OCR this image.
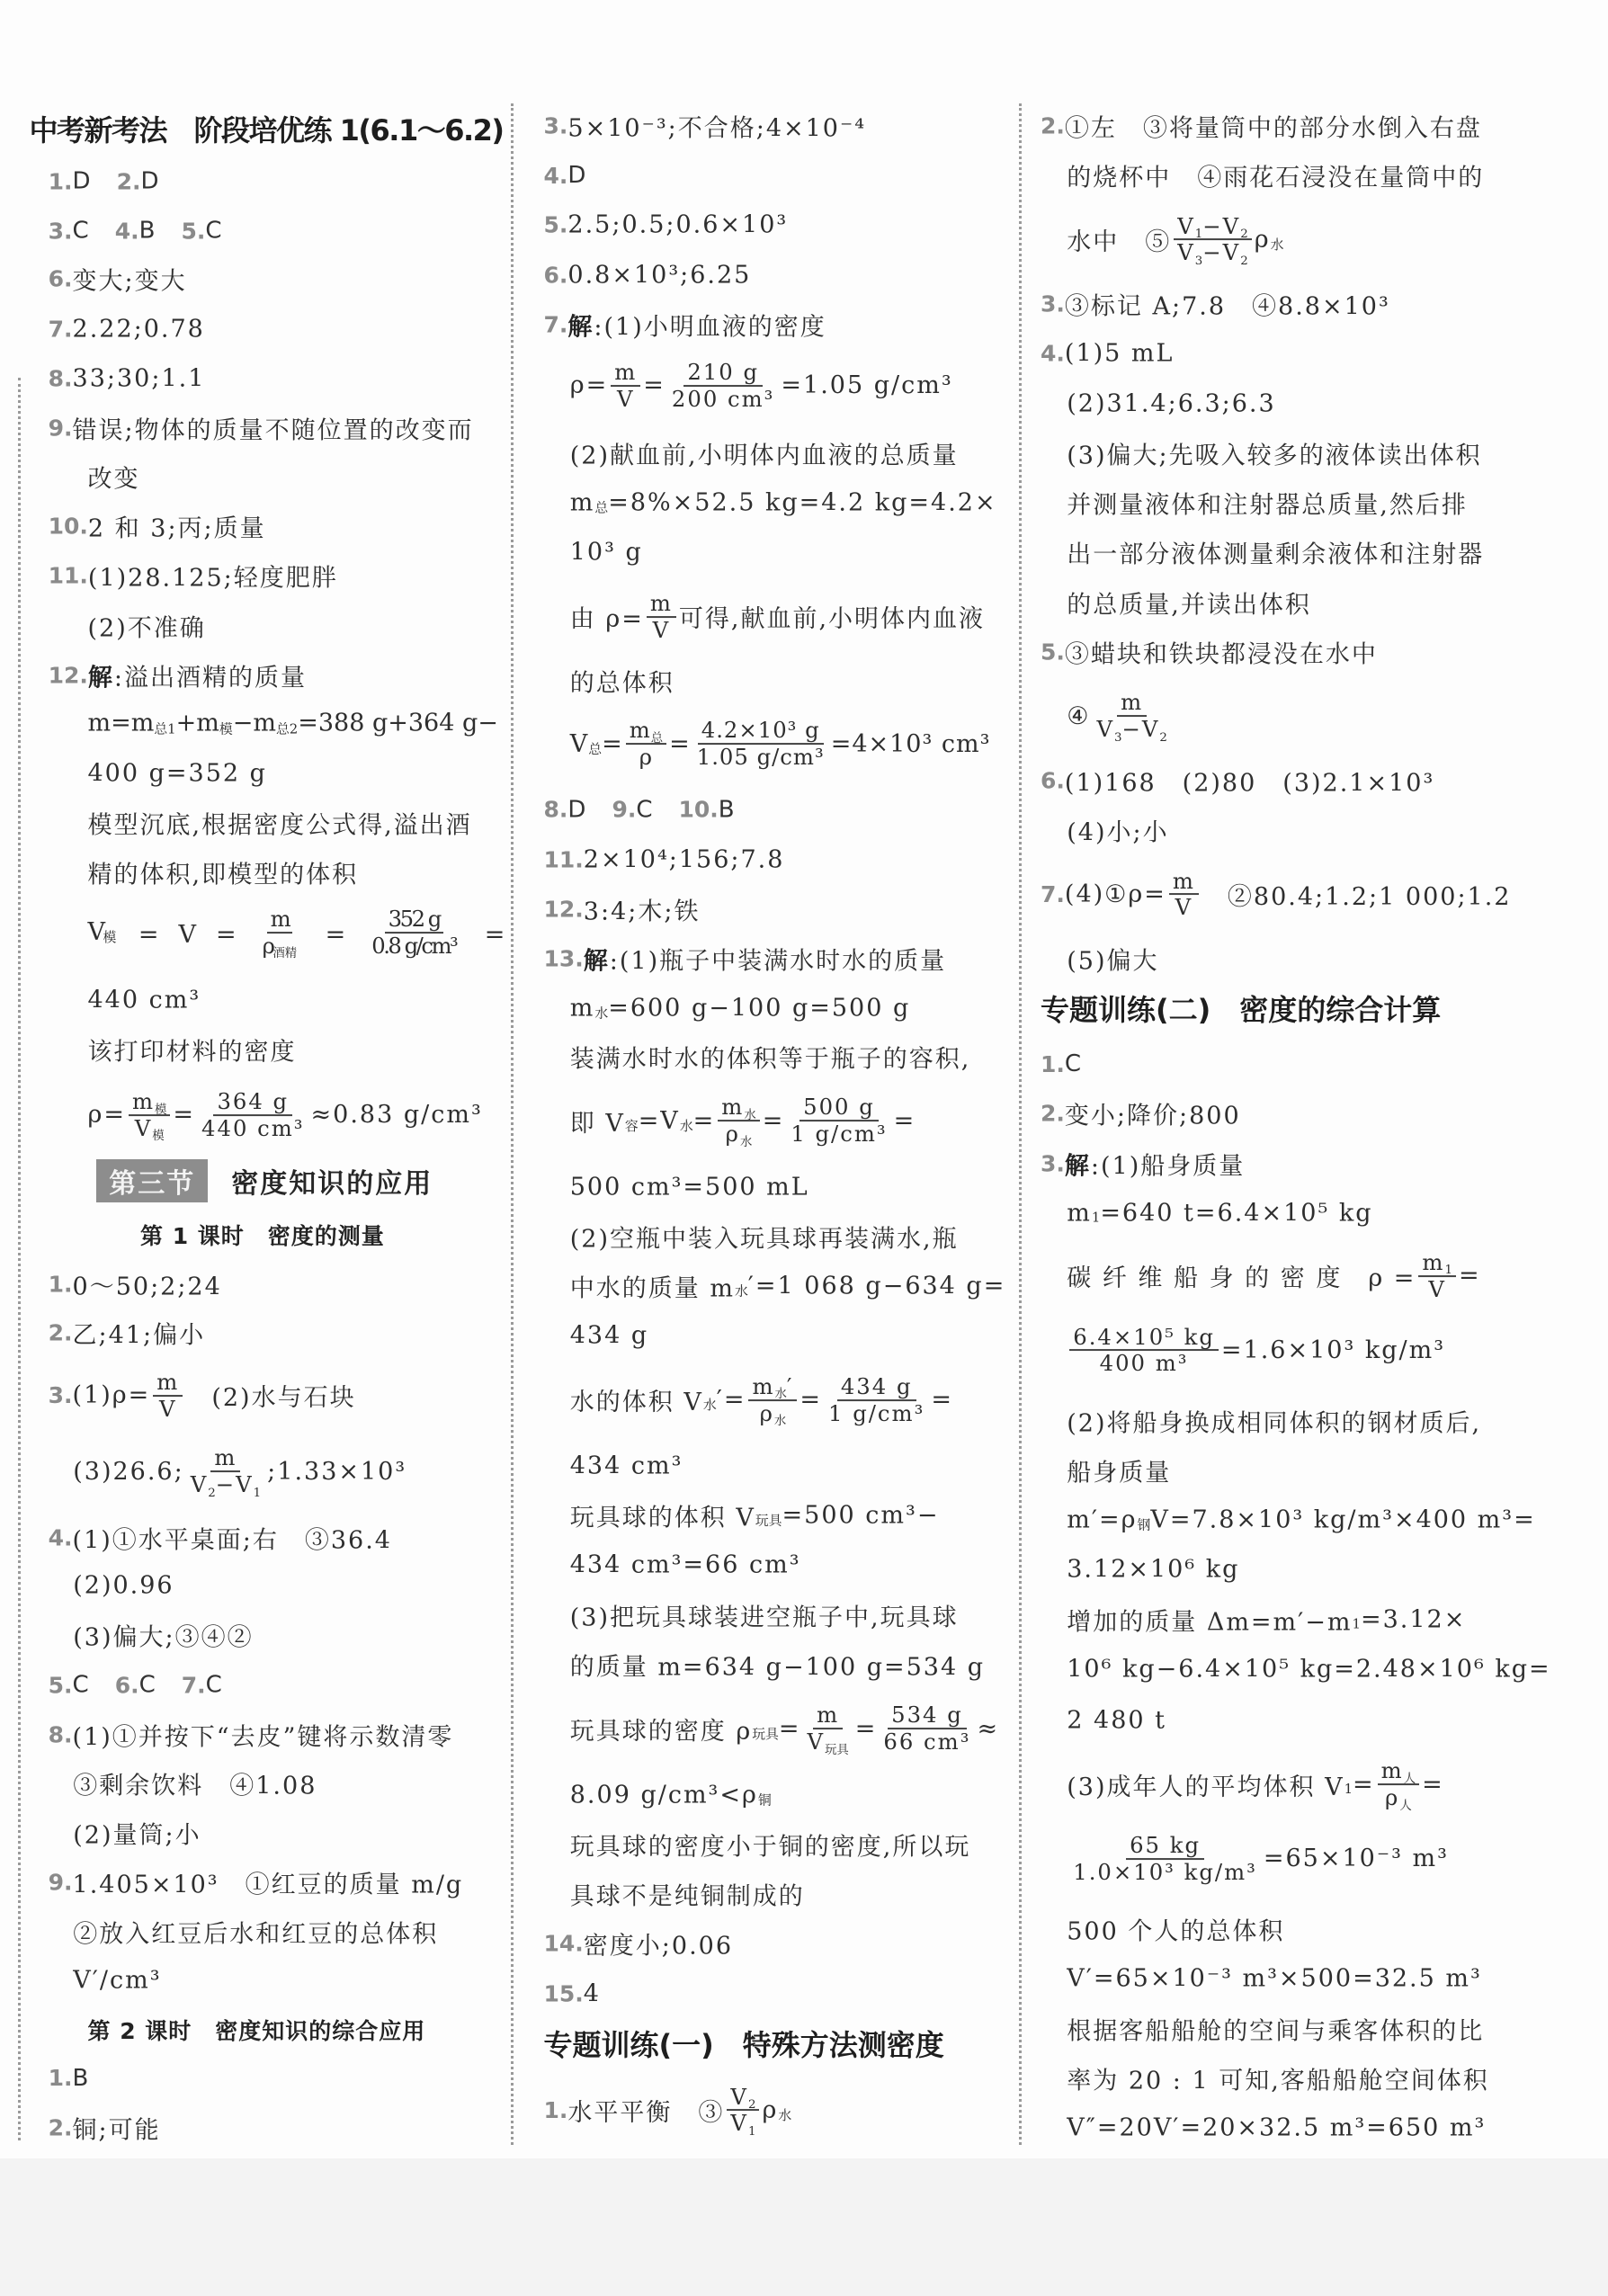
中考新考法　阶段培优练 1(6.1～6.2)
1. D
　 2. D
3. C
　 4. B
　 5. C
6. 变大;变大
7. 2.22;0.78
8. 33;30;1.1
9. 错误;物体的质量不随位置的改变而
改变
10. 2 和 3;丙;质量
11. (1)28.125;轻度肥胖
(2)不准确
12. 解 :溢出酒精的质量
m=m 总1 +m 模 −m 总2 =388 g+364 g−
400 g=352 g
模型沉底,根据密度公式得,溢出酒
精的体积,即模型的体积
V 模 　=　V　=　 $\frac{m}{\text{ρ酒精}}$ 　=　 $\frac{352 g}{\text{0.8 g/cm³}}$ 　=
440 cm³
该打印材料的密度
$\rho= \frac{\text{m模}}{\text{V模}} = \frac{364 g}{\text{440 cm³}} \approx 0.83$ g/cm³
第三节	密度知识的应用
第 1 课时　密度的测量
1. 0～50;2;24
2. 乙;41;偏小
3. $(1)\rho= \frac{m}{V}$ 　(2)水与石块
(3)26.6; $\frac{m}{V2-V1}$ ;1.33×10³
4. (1)①水平桌面;右　③36.4
(2)0.96
(3)偏大;③④②
5. C
　 6. C
　 7. C
8. (1)①并按下“去皮”键将示数清零
③剩余饮料　④1.08
(2)量筒;小
9. 1.405×10³　①红豆的质量 m/g
②放入红豆后水和红豆的总体积
V′/cm³
第 2 课时　密度知识的综合应用
1. B
2. 铜;可能
3. 5×10⁻³;不合格;4×10⁻⁴
4. D
5. 2.5;0.5;0.6×10³
6. 0.8×10³;6.25
7. 解 :(1)小明血液的密度
$\rho= \frac{m}{V} = \frac{210 g}{\text{200 cm³}} =1.05$ g/cm³
(2)献血前,小明体内血液的总质量
m 总 =8%×52.5 kg=4.2 kg=4.2×
10³ g
由 $\rho= \frac{m}{V}$ 可得,献血前,小明体内血液
的总体积
V 总 = $\frac{\text{m总}}{\rho} = \frac{\text{4.2×10³ g}}{\text{1.05 g/cm³}} =4\times 10^3$ cm³
8. D
　 9. C
　 10. B
11. 2×10⁴;156;7.8
12. 3:4;木;铁
13. 解 :(1)瓶子中装满水时水的质量
m 水 =600 g−100 g=500 g
装满水时水的体积等于瓶子的容积,
即 V 容 =V 水 = $\frac{\text{m水}}{\text{ρ水}} = \frac{500 g}{\text{1 g/cm³}}$ =
500 cm³=500 mL
(2)空瓶中装入玩具球再装满水,瓶
中水的质量 m 水 ′=1 068 g−634 g=
434 g
水的体积 V 水 ′= $\frac{\text{m水′}}{\text{ρ水}} = \frac{434 g}{\text{1 g/cm³}}$ =
434 cm³
玩具球的体积 V 玩具 =500 cm³−
434 cm³=66 cm³
(3)把玩具球装进空瓶子中,玩具球
的质量 m=634 g−100 g=534 g
玩具球的密度 ρ 玩具 = $\frac{m}{\text{V玩具}} = \frac{534 g}{\text{66 cm³}}$ ≈
8.09 g/cm³<ρ 铜
玩具球的密度小于铜的密度,所以玩
具球不是纯铜制成的
14. 密度小;0.06
15. 4
专题训练(一)　特殊方法测密度
1. 水平平衡　③ $\frac{V2}{V1}$ ρ 水
2. ①左　③将量筒中的部分水倒入右盘
的烧杯中　④雨花石浸没在量筒中的
水中　⑤ $\frac{V1-V2}{V3-V2}$ ρ 水
3. ③标记 A;7.8　④8.8×10³
4. (1)5 mL
(2)31.4;6.3;6.3
(3)偏大;先吸入较多的液体读出体积
并测量液体和注射器总质量,然后排
出一部分液体测量剩余液体和注射器
的总质量,并读出体积
5. ③蜡块和铁块都浸没在水中
④ $\frac{m}{V3-V2}$
6. (1)168　(2)80　(3)2.1×10³
(4)小;小
7. (4)①ρ= $\frac{m}{V}$ 　②80.4;1.2;1 000;1.2
(5)偏大
专题训练(二)　密度的综合计算
1. C
2. 变小;降价;800
3. 解 :(1)船身质量
m 1 =640 t=6.4×10⁵ kg
碳 纤 维 船 身 的 密 度　$\rho = \frac{m1}{V}$ =
$\frac{\text{6.4×10⁵ kg}}{\text{400 m³}} =1.6\times 10^3$ kg/m³
(2)将船身换成相同体积的钢材质后,
船身质量
m′=ρ 钢 V=7.8×10³ kg/m³×400 m³=
3.12×10⁶ kg
增加的质量 Δm=m′−m 1 =3.12×
10⁶ kg−6.4×10⁵ kg=2.48×10⁶ kg=
2 480 t
(3)成年人的平均体积 V $1 = \frac{\text{m人}}{\text{ρ人}}$ =
$\frac{65 kg}{\text{1.0×10³ kg/m³}} =65\times 10^{-3}$ m³
500 个人的总体积
V′=65×10⁻³ m³×500=32.5 m³
根据客船船舱的空间与乘客体积的比
率为 20 : 1 可知,客船船舱空间体积
V″=20V′=20×32.5 m³=650 m³
